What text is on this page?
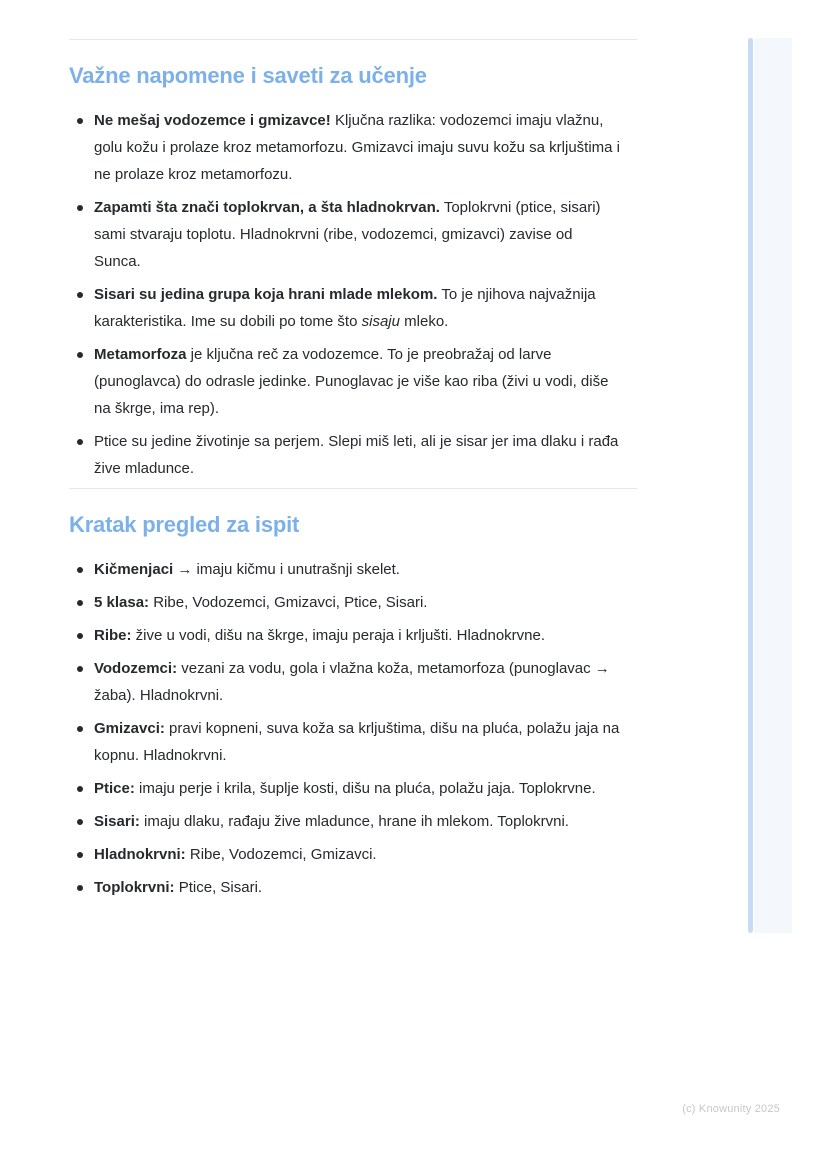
Važne napomene i saveti za učenje
Ne mešaj vodozemce i gmizavce! Ključna razlika: vodozemci imaju vlažnu, golu kožu i prolaze kroz metamorfozu. Gmizavci imaju suvu kožu sa krljuštima i ne prolaze kroz metamorfozu.
Zapamti šta znači toplokrvan, a šta hladnokrvan. Toplokrvni (ptice, sisari) sami stvaraju toplotu. Hladnokrvni (ribe, vodozemci, gmizavci) zavise od Sunca.
Sisari su jedina grupa koja hrani mlade mlekom. To je njihova najvažnija karakteristika. Ime su dobili po tome što sisaju mleko.
Metamorfoza je ključna reč za vodozemce. To je preobražaj od larve (punoglavca) do odrasle jedinke. Punoglavac je više kao riba (živi u vodi, diše na škrge, ima rep).
Ptice su jedine životinje sa perjem. Slepi miš leti, ali je sisar jer ima dlaku i rađa žive mladunce.
Kratak pregled za ispit
Kičmenjaci → imaju kičmu i unutrašnji skelet.
5 klasa: Ribe, Vodozemci, Gmizavci, Ptice, Sisari.
Ribe: žive u vodi, dišu na škrge, imaju peraja i krljušti. Hladnokrvne.
Vodozemci: vezani za vodu, gola i vlažna koža, metamorfoza (punoglavac → žaba). Hladnokrvni.
Gmizavci: pravi kopneni, suva koža sa krljuštima, dišu na pluća, polažu jaja na kopnu. Hladnokrvni.
Ptice: imaju perje i krila, šuplje kosti, dišu na pluća, polažu jaja. Toplokrvne.
Sisari: imaju dlaku, rađaju žive mladunce, hrane ih mlekom. Toplokrvni.
Hladnokrvni: Ribe, Vodozemci, Gmizavci.
Toplokrvni: Ptice, Sisari.
(c) Knowunity 2025
